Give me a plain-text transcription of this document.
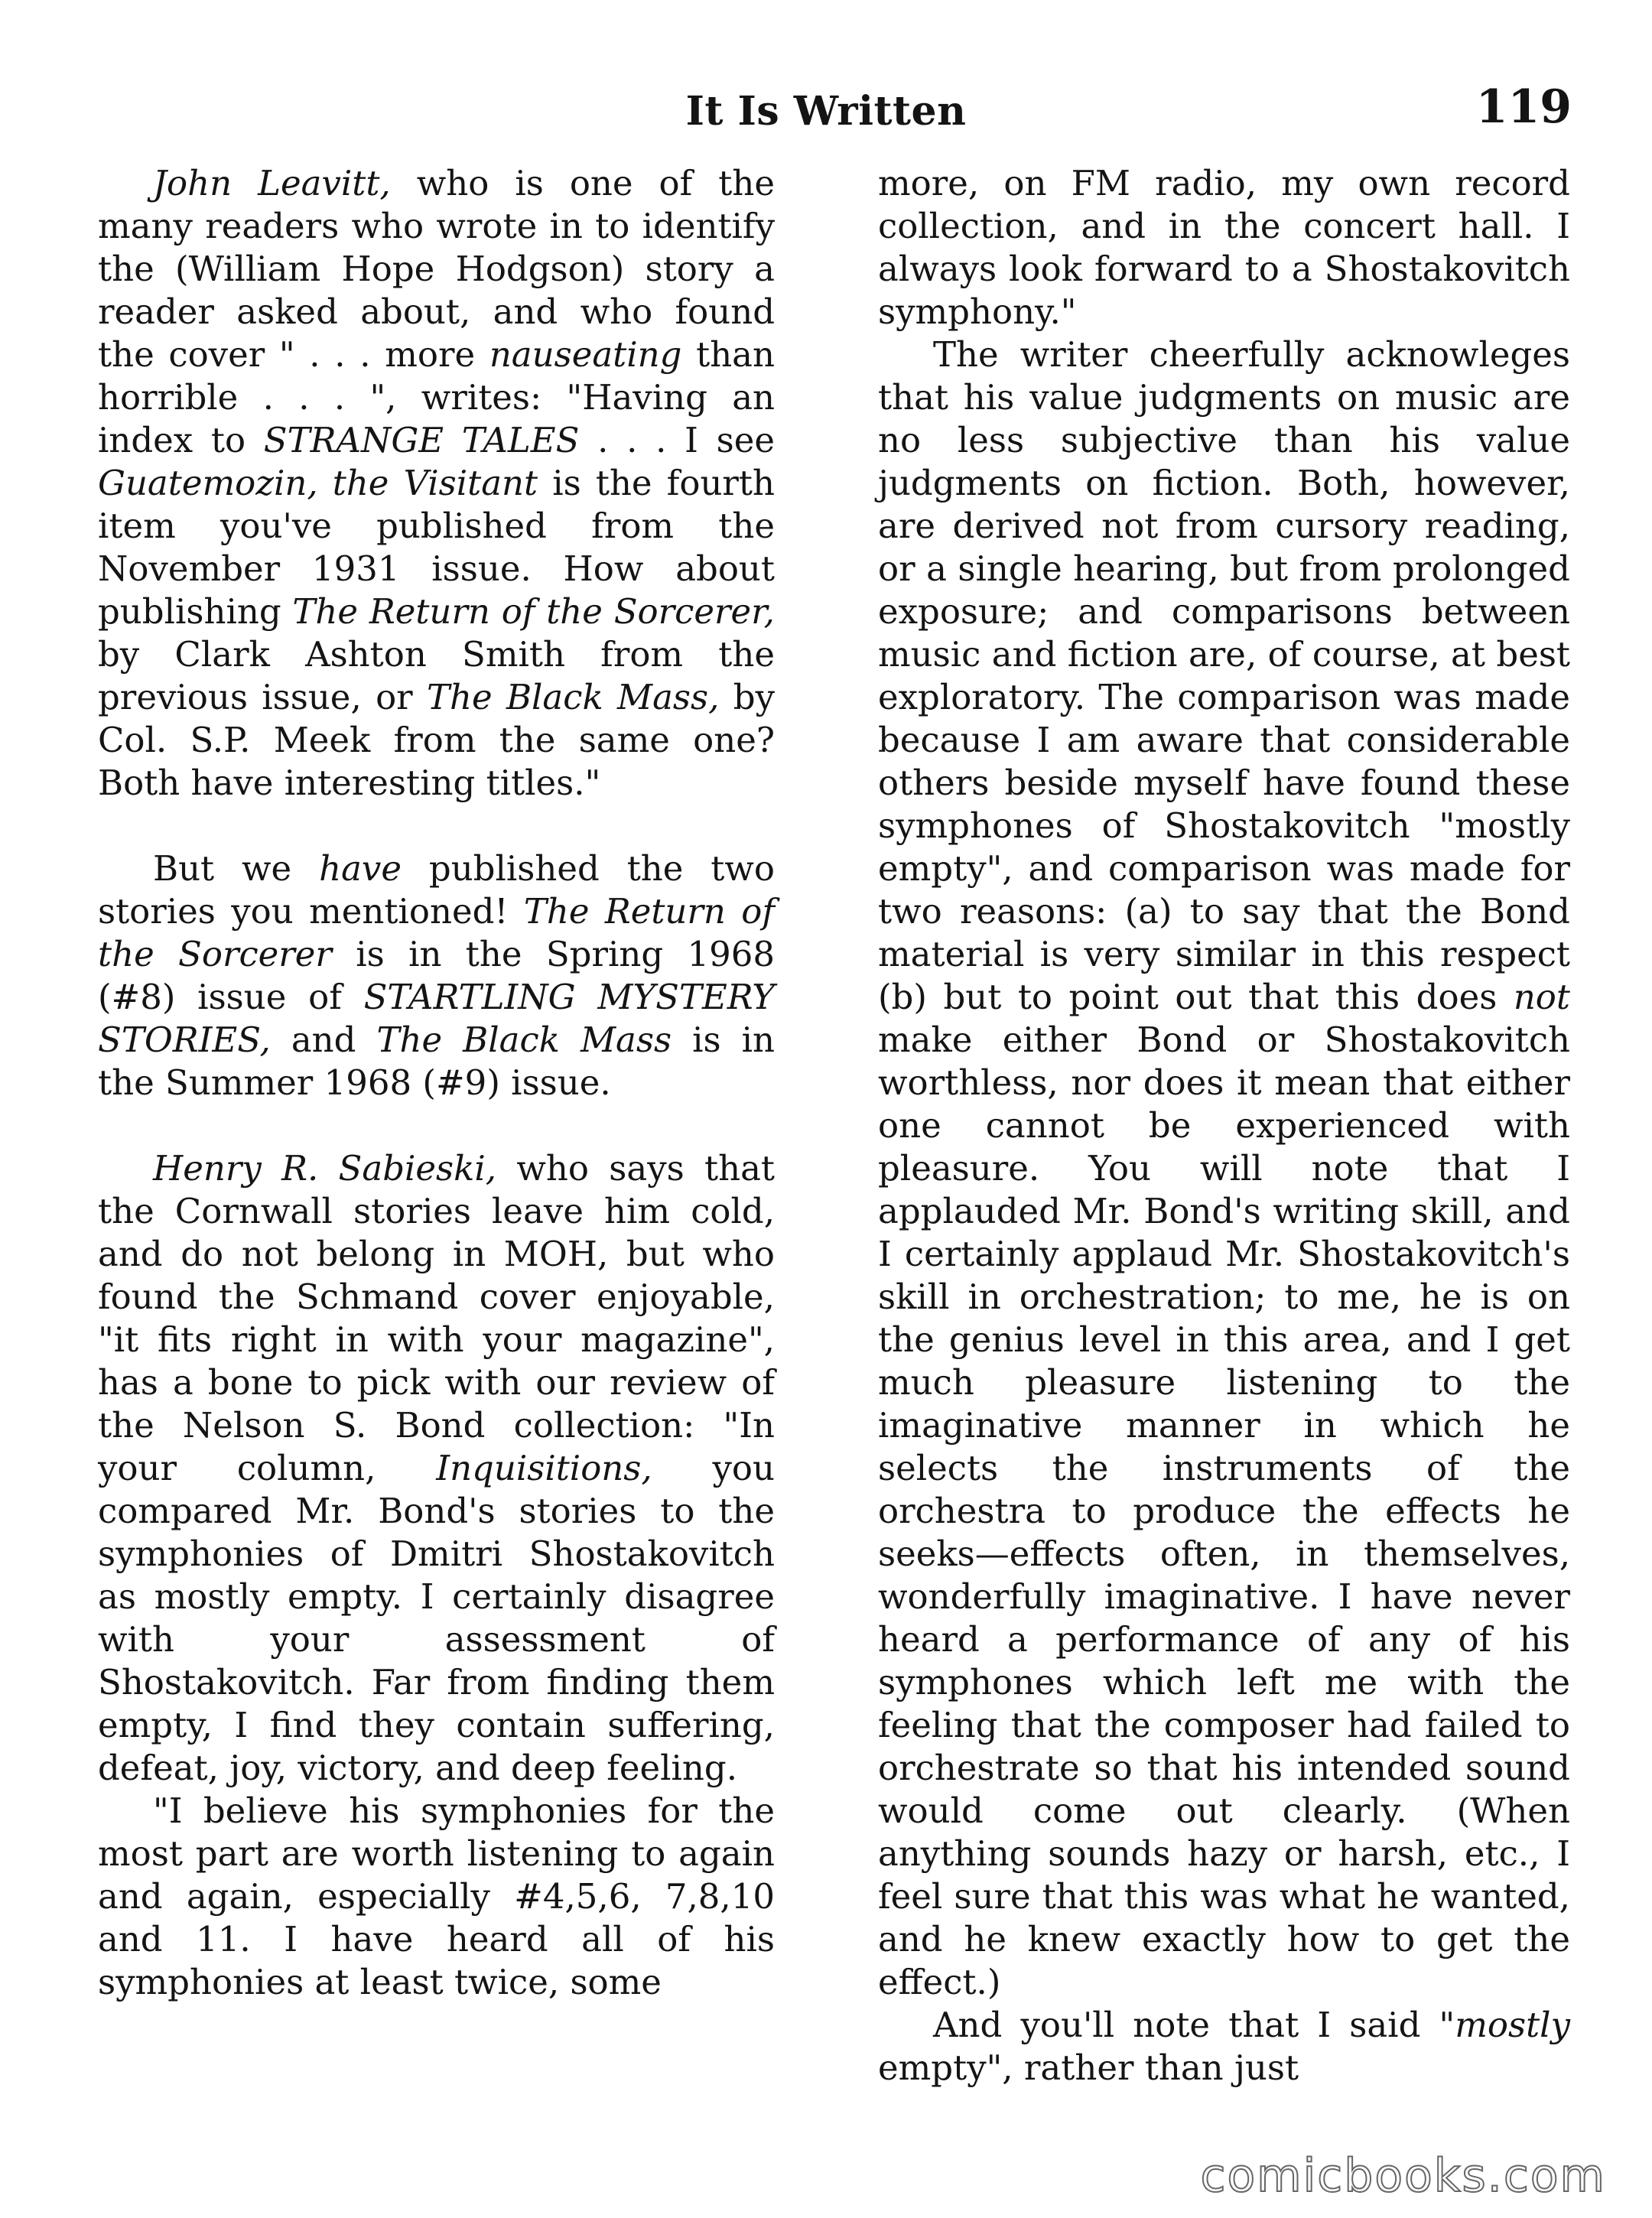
It Is Written	119

John Leavitt, who is one of the many readers who wrote in to identify the (William Hope Hodgson) story a reader asked about, and who found the cover " . . . more nauseating than horrible . . . ", writes: "Having an index to STRANGE TALES . . . I see Guatemozin, the Visitant is the fourth item you've published from the November 1931 issue. How about publishing The Return of the Sorcerer, by Clark Ashton Smith from the previous issue, or The Black Mass, by Col. S.P. Meek from the same one? Both have interesting titles."

But we have published the two stories you mentioned! The Return of the Sorcerer is in the Spring 1968 (#8) issue of STARTLING MYSTERY STORIES, and The Black Mass is in the Summer 1968 (#9) issue.

Henry R. Sabieski, who says that the Cornwall stories leave him cold, and do not belong in MOH, but who found the Schmand cover enjoyable, "it fits right in with your magazine", has a bone to pick with our review of the Nelson S. Bond collection: "In your column, Inquisitions, you compared Mr. Bond's stories to the symphonies of Dmitri Shostakovitch as mostly empty. I certainly disagree with your assessment of Shostakovitch. Far from finding them empty, I find they contain suffering, defeat, joy, victory, and deep feeling.

"I believe his symphonies for the most part are worth listening to again and again, especially #4,5,6, 7,8,10 and 11. I have heard all of his symphonies at least twice, some

more, on FM radio, my own record collection, and in the concert hall. I always look forward to a Shostakovitch symphony."

The writer cheerfully acknowleges that his value judgments on music are no less subjective than his value judgments on fiction. Both, however, are derived not from cursory reading, or a single hearing, but from prolonged exposure; and comparisons between music and fiction are, of course, at best exploratory. The comparison was made because I am aware that considerable others beside myself have found these symphones of Shostakovitch "mostly empty", and comparison was made for two reasons: (a) to say that the Bond material is very similar in this respect (b) but to point out that this does not make either Bond or Shostakovitch worthless, nor does it mean that either one cannot be experienced with pleasure. You will note that I applauded Mr. Bond's writing skill, and I certainly applaud Mr. Shostakovitch's skill in orchestration; to me, he is on the genius level in this area, and I get much pleasure listening to the imaginative manner in which he selects the instruments of the orchestra to produce the effects he seeks—effects often, in themselves, wonderfully imaginative. I have never heard a performance of any of his symphones which left me with the feeling that the composer had failed to orchestrate so that his intended sound would come out clearly. (When anything sounds hazy or harsh, etc., I feel sure that this was what he wanted, and he knew exactly how to get the effect.)

And you'll note that I said "mostly empty", rather than just

comicbooks.com
